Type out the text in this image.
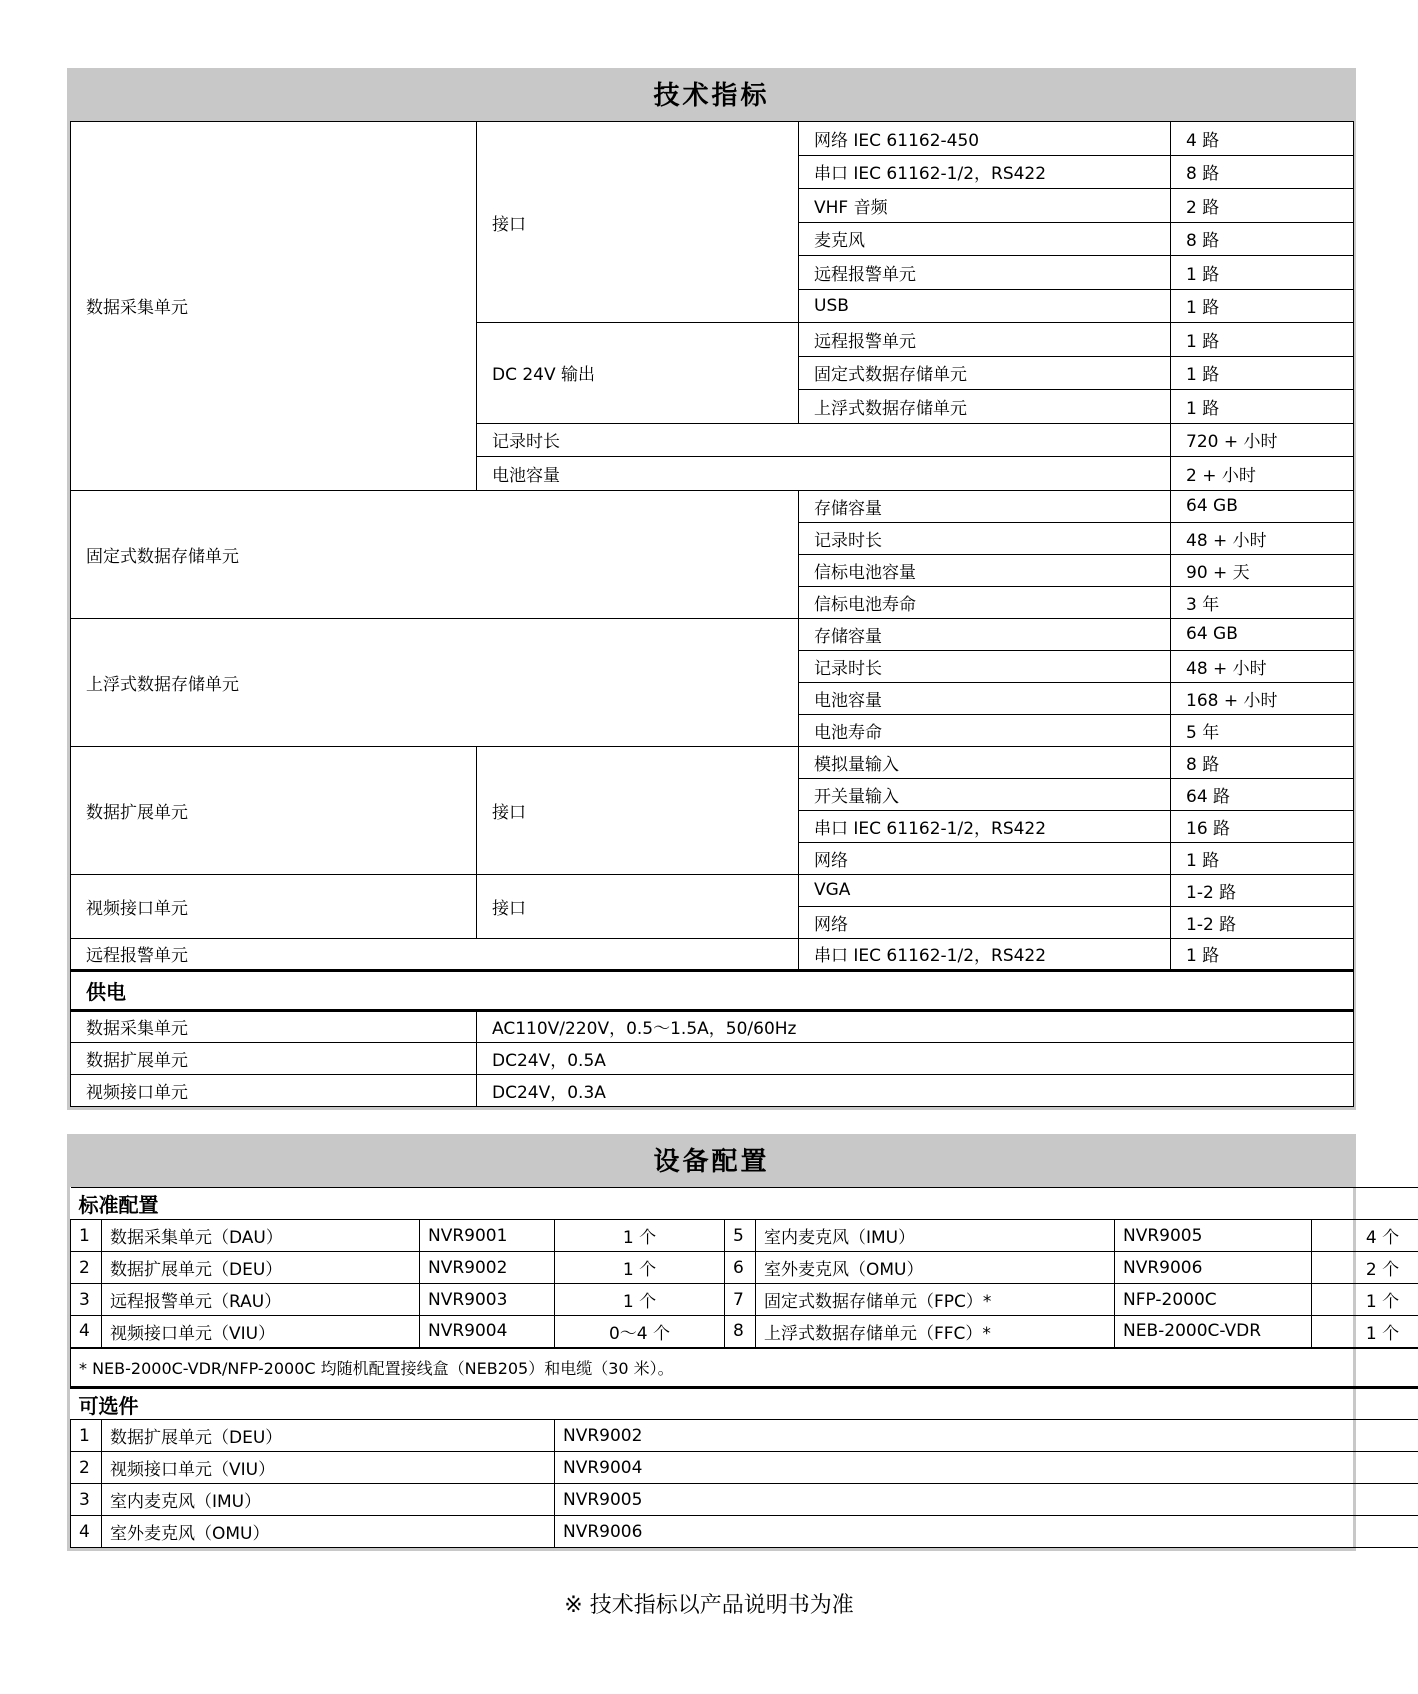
技术指标
数据采集单元	接口	网络 IEC 61162-450	4 路
		串口 IEC 61162-1/2，RS422	8 路
		VHF 音频	2 路
		麦克风	8 路
		远程报警单元	1 路
		USB	1 路
	DC 24V 输出	远程报警单元	1 路
		固定式数据存储单元	1 路
		上浮式数据存储单元	1 路
	记录时长		720 + 小时
	电池容量		2 + 小时
固定式数据存储单元		存储容量	64 GB
		记录时长	48 + 小时
		信标电池容量	90 + 天
		信标电池寿命	3 年
上浮式数据存储单元		存储容量	64 GB
		记录时长	48 + 小时
		电池容量	168 + 小时
		电池寿命	5 年
数据扩展单元	接口	模拟量输入	8 路
		开关量输入	64 路
		串口 IEC 61162-1/2，RS422	16 路
		网络	1 路
视频接口单元	接口	VGA	1-2 路
		网络	1-2 路
远程报警单元		串口 IEC 61162-1/2，RS422	1 路
供电			
数据采集单元	AC110V/220V，0.5～1.5A，50/60Hz		
数据扩展单元	DC24V，0.5A		
视频接口单元	DC24V，0.3A		
设备配置
标准配置							
1	数据采集单元（DAU）	NVR9001	1 个	5	室内麦克风（IMU）	NVR9005	4 个
2	数据扩展单元（DEU）	NVR9002	1 个	6	室外麦克风（OMU）	NVR9006	2 个
3	远程报警单元（RAU）	NVR9003	1 个	7	固定式数据存储单元（FPC）*	NFP-2000C	1 个
4	视频接口单元（VIU）	NVR9004	0～4 个	8	上浮式数据存储单元（FFC）*	NEB-2000C-VDR	1 个
* NEB-2000C-VDR/NFP-2000C 均随机配置接线盒（NEB205）和电缆（30 米）。							
可选件							
1	数据扩展单元（DEU）		NVR9002				
2	视频接口单元（VIU）		NVR9004				
3	室内麦克风（IMU）		NVR9005				
4	室外麦克风（OMU）		NVR9006				
※ 技术指标以产品说明书为准
